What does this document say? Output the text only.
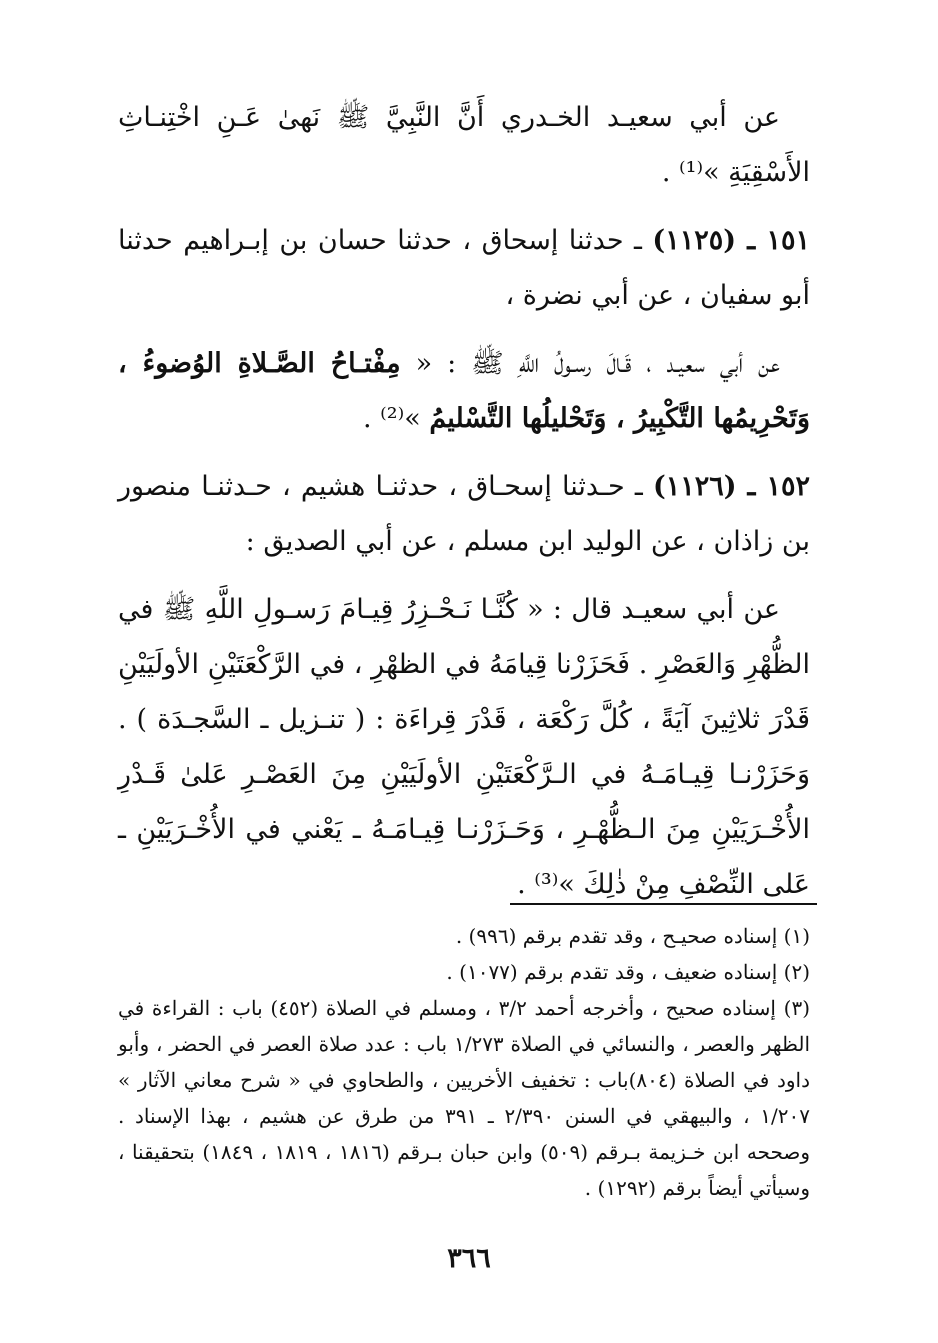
عن أبي سعيـد الخـدري أَنَّ النَّبِيَّ ﷺ نَهىٰ عَـنِ اخْتِنـاثِ الأَسْقِيَةِ »⁽¹⁾ .

١٥١ ـ (١١٢٥) ـ حدثنا إسحاق ، حدثنا حسان بن إبـراهيم حدثنا أبو سفيان ، عن أبي نضرة ،

عن أبي سعيـد ، قَـالَ رسـولُ اللَّهِ ﷺ : « مِفْتـاحُ الصَّـلاةِ الوُضوءُ ، وَتَحْرِيمُها التَّكْبِيرُ ، وَتَحْليلُها التَّسْليمُ »⁽²⁾ .

١٥٢ ـ (١١٢٦) ـ حـدثنا إسحـاق ، حدثنـا هشيم ، حـدثنـا منصور بن زاذان ، عن الوليد ابن مسلم ، عن أبي الصديق :

عن أبي سعيـد قال : « كُنَّـا نَـحْـزِرُ قِيـامَ رَسـولِ اللَّهِ ﷺ في الظُّهْرِ وَالعَصْرِ . فَحَزَرْنا قِيامَهُ في الظهْرِ ، في الرَّكْعَتَيْنِ الأولَيَيْنِ قَدْرَ ثلاثِينَ آيَةً ، كُلَّ رَكْعَة ، قَدْرَ قِراءَة : ( تنـزيل ـ السَّجـدَة ) . وَحَزَرْنـا قِيـامَـهُ في الـرَّكْعَتَيْنِ الأولَيَيْنِ مِنَ العَصْـرِ عَلىٰ قَـدْرِ الأُخْـرَيَيْنِ مِنَ الـظُّهْـرِ ، وَحَـزَرْنـا قِيـامَـهُ ـ يَعْني في الأُخْـرَيَيْنِ ـ عَلى النِّصْفِ مِنْ ذٰلِكَ »⁽³⁾ .

(١) إسناده صحيـح ، وقد تقدم برقم (٩٩٦) .

(٢) إسناده ضعيف ، وقد تقدم برقم (١٠٧٧) .

(٣) إسناده صحيح ، وأخرجه أحمد ٣/٢ ، ومسلم في الصلاة (٤٥٢) باب : القراءة في الظهر والعصر ، والنسائي في الصلاة ١/٢٧٣ باب : عدد صلاة العصر في الحضر ، وأبو داود في الصلاة (٨٠٤)باب : تخفيف الأخريين ، والطحاوي في « شرح معاني الآثار » ١/٢٠٧ ، والبيهقي في السنن ٢/٣٩٠ ـ ٣٩١ من طرق عن هشيم ، بهذا الإسناد . وصححه ابن خـزيمة بـرقم (٥٠٩) وابن حبان بـرقم (١٨١٦ ، ١٨١٩ ، ١٨٤٩) بتحقيقنا ، وسيأتي أيضاً برقم (١٢٩٢) .

٣٦٦
